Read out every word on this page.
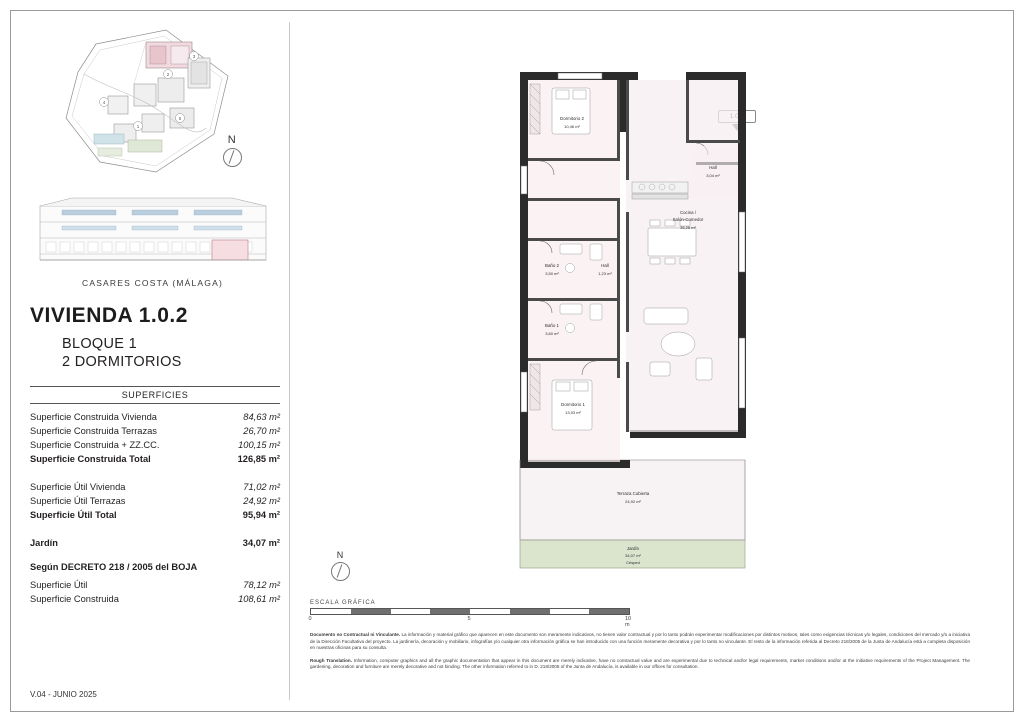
3
2
1
4
5
N
CASARES COSTA (MÁLAGA)
VIVIENDA 1.0.2
BLOQUE 1
2 DORMITORIOS
SUPERFICIES
Superficie Construida Vivienda	84,63 m²
Superficie Construida Terrazas	26,70 m²
Superficie Construida + ZZ.CC.	100,15 m²
Superficie Construida Total	126,85 m²
Superficie Útil Vivienda	71,02 m²
Superficie Útil Terrazas	24,92 m²
Superficie Útil Total	95,94 m²
Jardín	34,07 m²
Según DECRETO 218 / 2005 del BOJA
Superficie Útil	78,12 m²
Superficie Construida	108,61 m²
V.04 - JUNIO 2025
Dormitorio 2
10,46 m²
Hall
3,04 m²
Baño 2
3,50 m²
Hall
1,23 m²
Cocina /
Salón-Comedor
35,26 m²
Baño 1
3,60 m²
Dormitorio 1
13,93 m²
Terraza Cubierta
24,92 m²
Jardín
34,07 m²
Césped
N
ESCALA GRÁFICA
0	5	10 m

Documento no Contractual ni Vinculante. La información y material gráfico que aparecen en este documento son meramente indicativos, no tienen valor contractual y por lo tanto podrán experimentar modificaciones por distintos motivos, tales como exigencias técnicas y/o legales, condiciones del mercado y/o a iniciativa de la Dirección Facultativa del proyecto. La jardinería, decoración y mobiliario, infografías y/o cualquier otra información gráfica se han introducido con una función meramente decorativa y por lo tanto no vinculante. El resto de la información referida al Decreto 218/2005 de la Junta de Andalucía está a completa disposición en nuestras oficinas para su consulta.

Rough Translation. Information, computer graphics and all the graphic documentation that appear in this document are merely indicative, have no contractual value and are experimental due to technical and/or legal requirements, market conditions and/or at the initiative requirements of the Project Management. The gardening, decoration and furniture are merely decorative and not binding. The other information referred to in D. 218/2005 of the Junta de Andalucía, is available in our offices for consultation.
